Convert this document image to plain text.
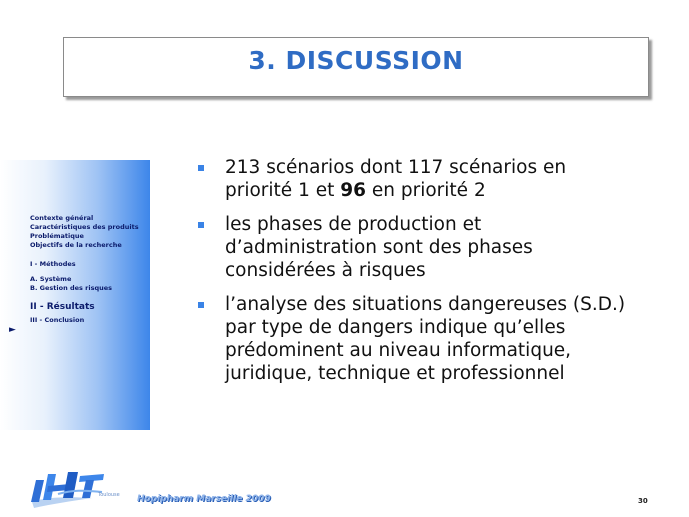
3. DISCUSSION
►
Contexte général
Caractéristiques des produits
Problématique
Objectifs de la recherche
I - Méthodes
A. Système
B. Gestion des risques
II - Résultats
III - Conclusion
213 scénarios dont 117 scénarios en
priorité 1 et 96 en priorité 2
les phases de production et d’administration sont des phases considérées à risques
l’analyse des situations dangereuses (S.D.) par type de dangers indique qu’elles prédominent au niveau informatique, juridique, technique et professionnel
Toulouse Hopipharm Marseille 2009	30
